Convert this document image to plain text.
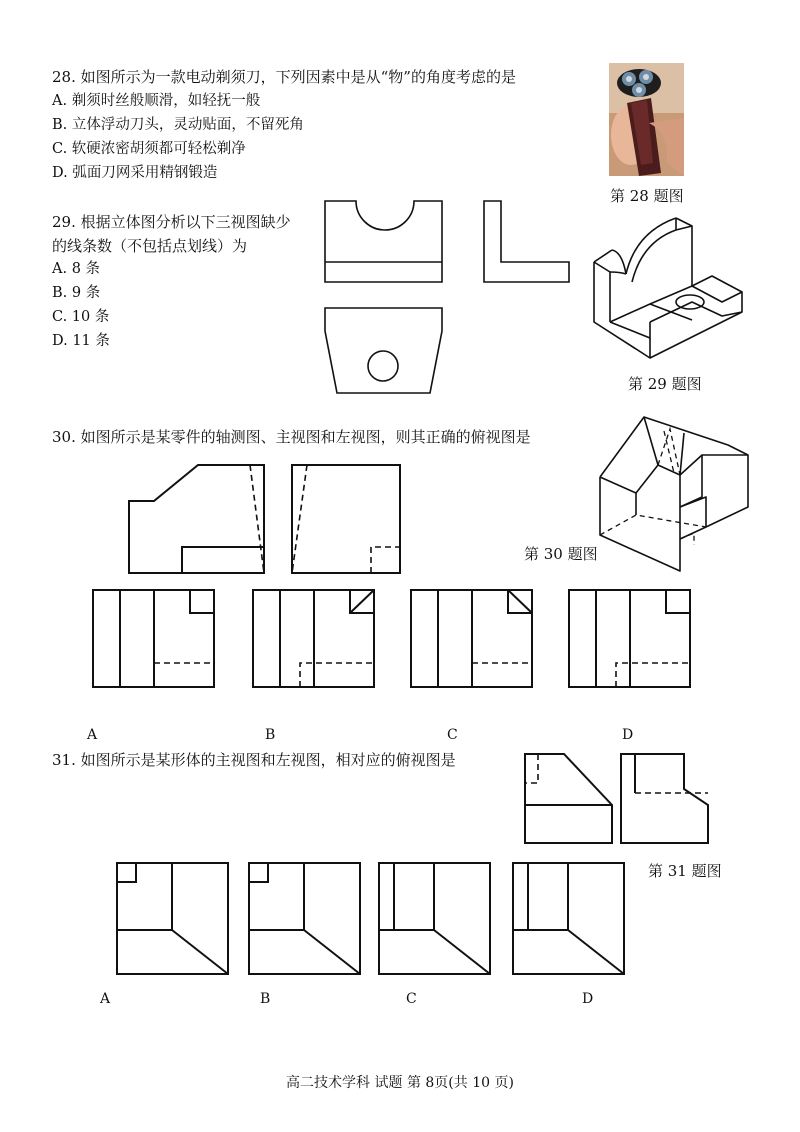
28. 如图所示为一款电动剃须刀，下列因素中是从“物”的角度考虑的是
A. 剃须时丝般顺滑，如轻抚一般
B. 立体浮动刀头，灵动贴面，不留死角
C. 软硬浓密胡须都可轻松剃净
D. 弧面刀网采用精钢锻造
第 28 题图
29. 根据立体图分析以下三视图缺少
的线条数（不包括点划线）为
A. 8 条
B. 9 条
C. 10 条
D. 11 条
第 29 题图
30. 如图所示是某零件的轴测图、主视图和左视图，则其正确的俯视图是
第 30 题图
A	B	C	D
31. 如图所示是某形体的主视图和左视图，相对应的俯视图是
第 31 题图
A	B	C	D
高二技术学科 试题 第 8页(共 10 页)
